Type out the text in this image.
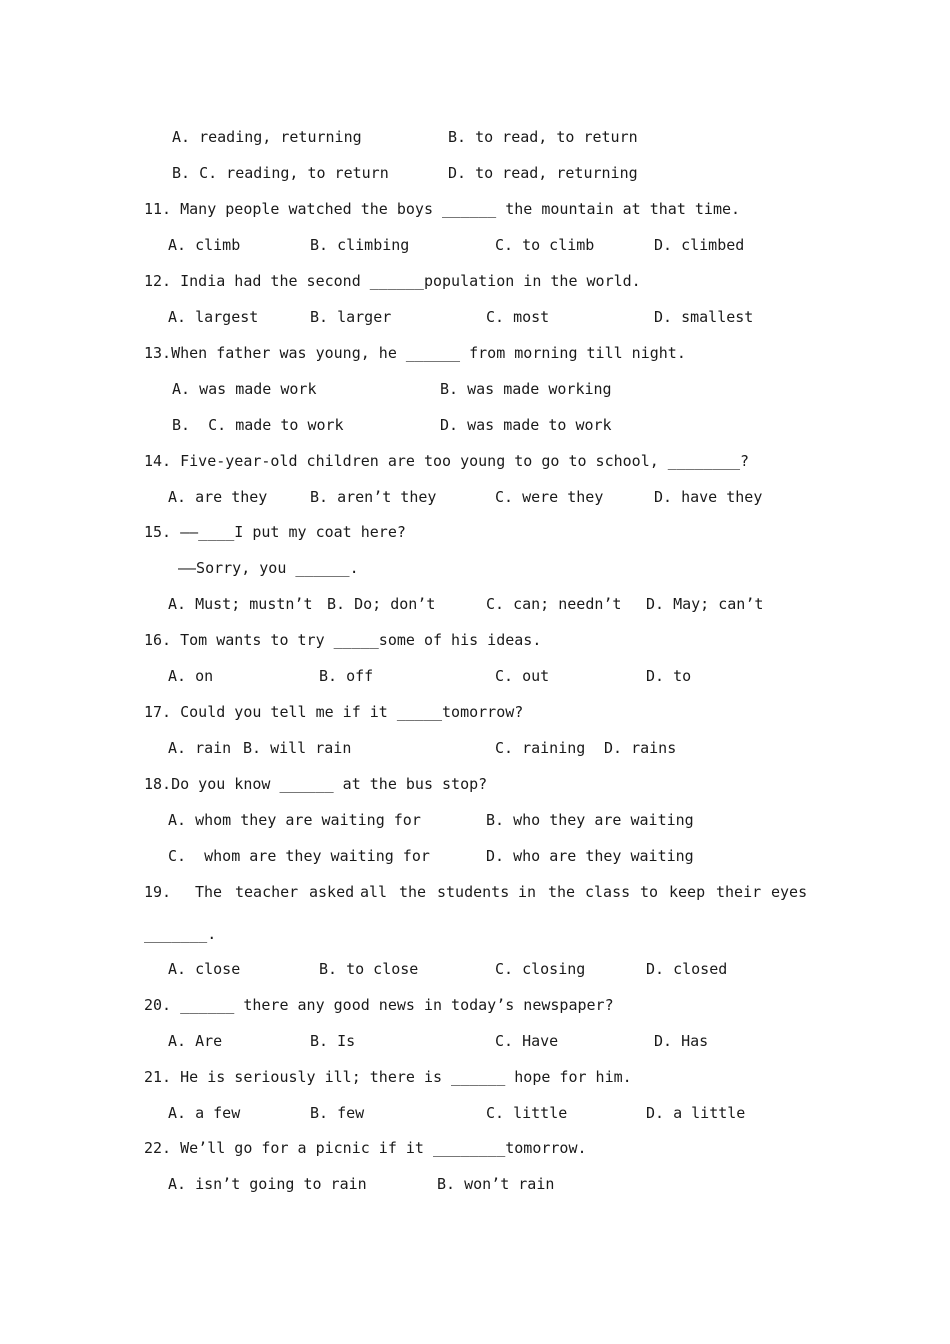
A. reading, returning	B. to read, to return
B. C. reading, to return	D. to read, returning
11. Many people watched the boys ______ the mountain at that time.
A. climb	B. climbing	C. to climb	D. climbed
12. India had the second ______population in the world.
A. largest	B. larger	C. most	D. smallest
13.When father was young, he ______ from morning till night.
A. was made work	B. was made working
B.  C. made to work	D. was made to work
14. Five-year-old children are too young to go to school, ________?
A. are they	B. aren’t they	C. were they	D. have they
15. ——____I put my coat here?
——Sorry, you ______.
A. Must; mustn’t B. Do; don’t	C. can; needn’t D. May; can’t
16. Tom wants to try _____some of his ideas.
A. on	B. off	C. out	D. to
17. Could you tell me if it _____tomorrow?
A. rain B. will rain	C. raining D. rains
18.Do you know ______ at the bus stop?
A. whom they are waiting for	B. who they are waiting
C.  whom are they waiting for	D. who are they waiting
19. The teacher asked all the students in the class to keep their eyes
_______.
A. close	B. to close	C. closing	D. closed
20. ______ there any good news in today’s newspaper?
A. Are	B. Is	C. Have	D. Has
21. He is seriously ill; there is ______ hope for him.
A. a few	B. few	C. little	D. a little
22. We’ll go for a picnic if it ________tomorrow.
A. isn’t going to rain	B. won’t rain
